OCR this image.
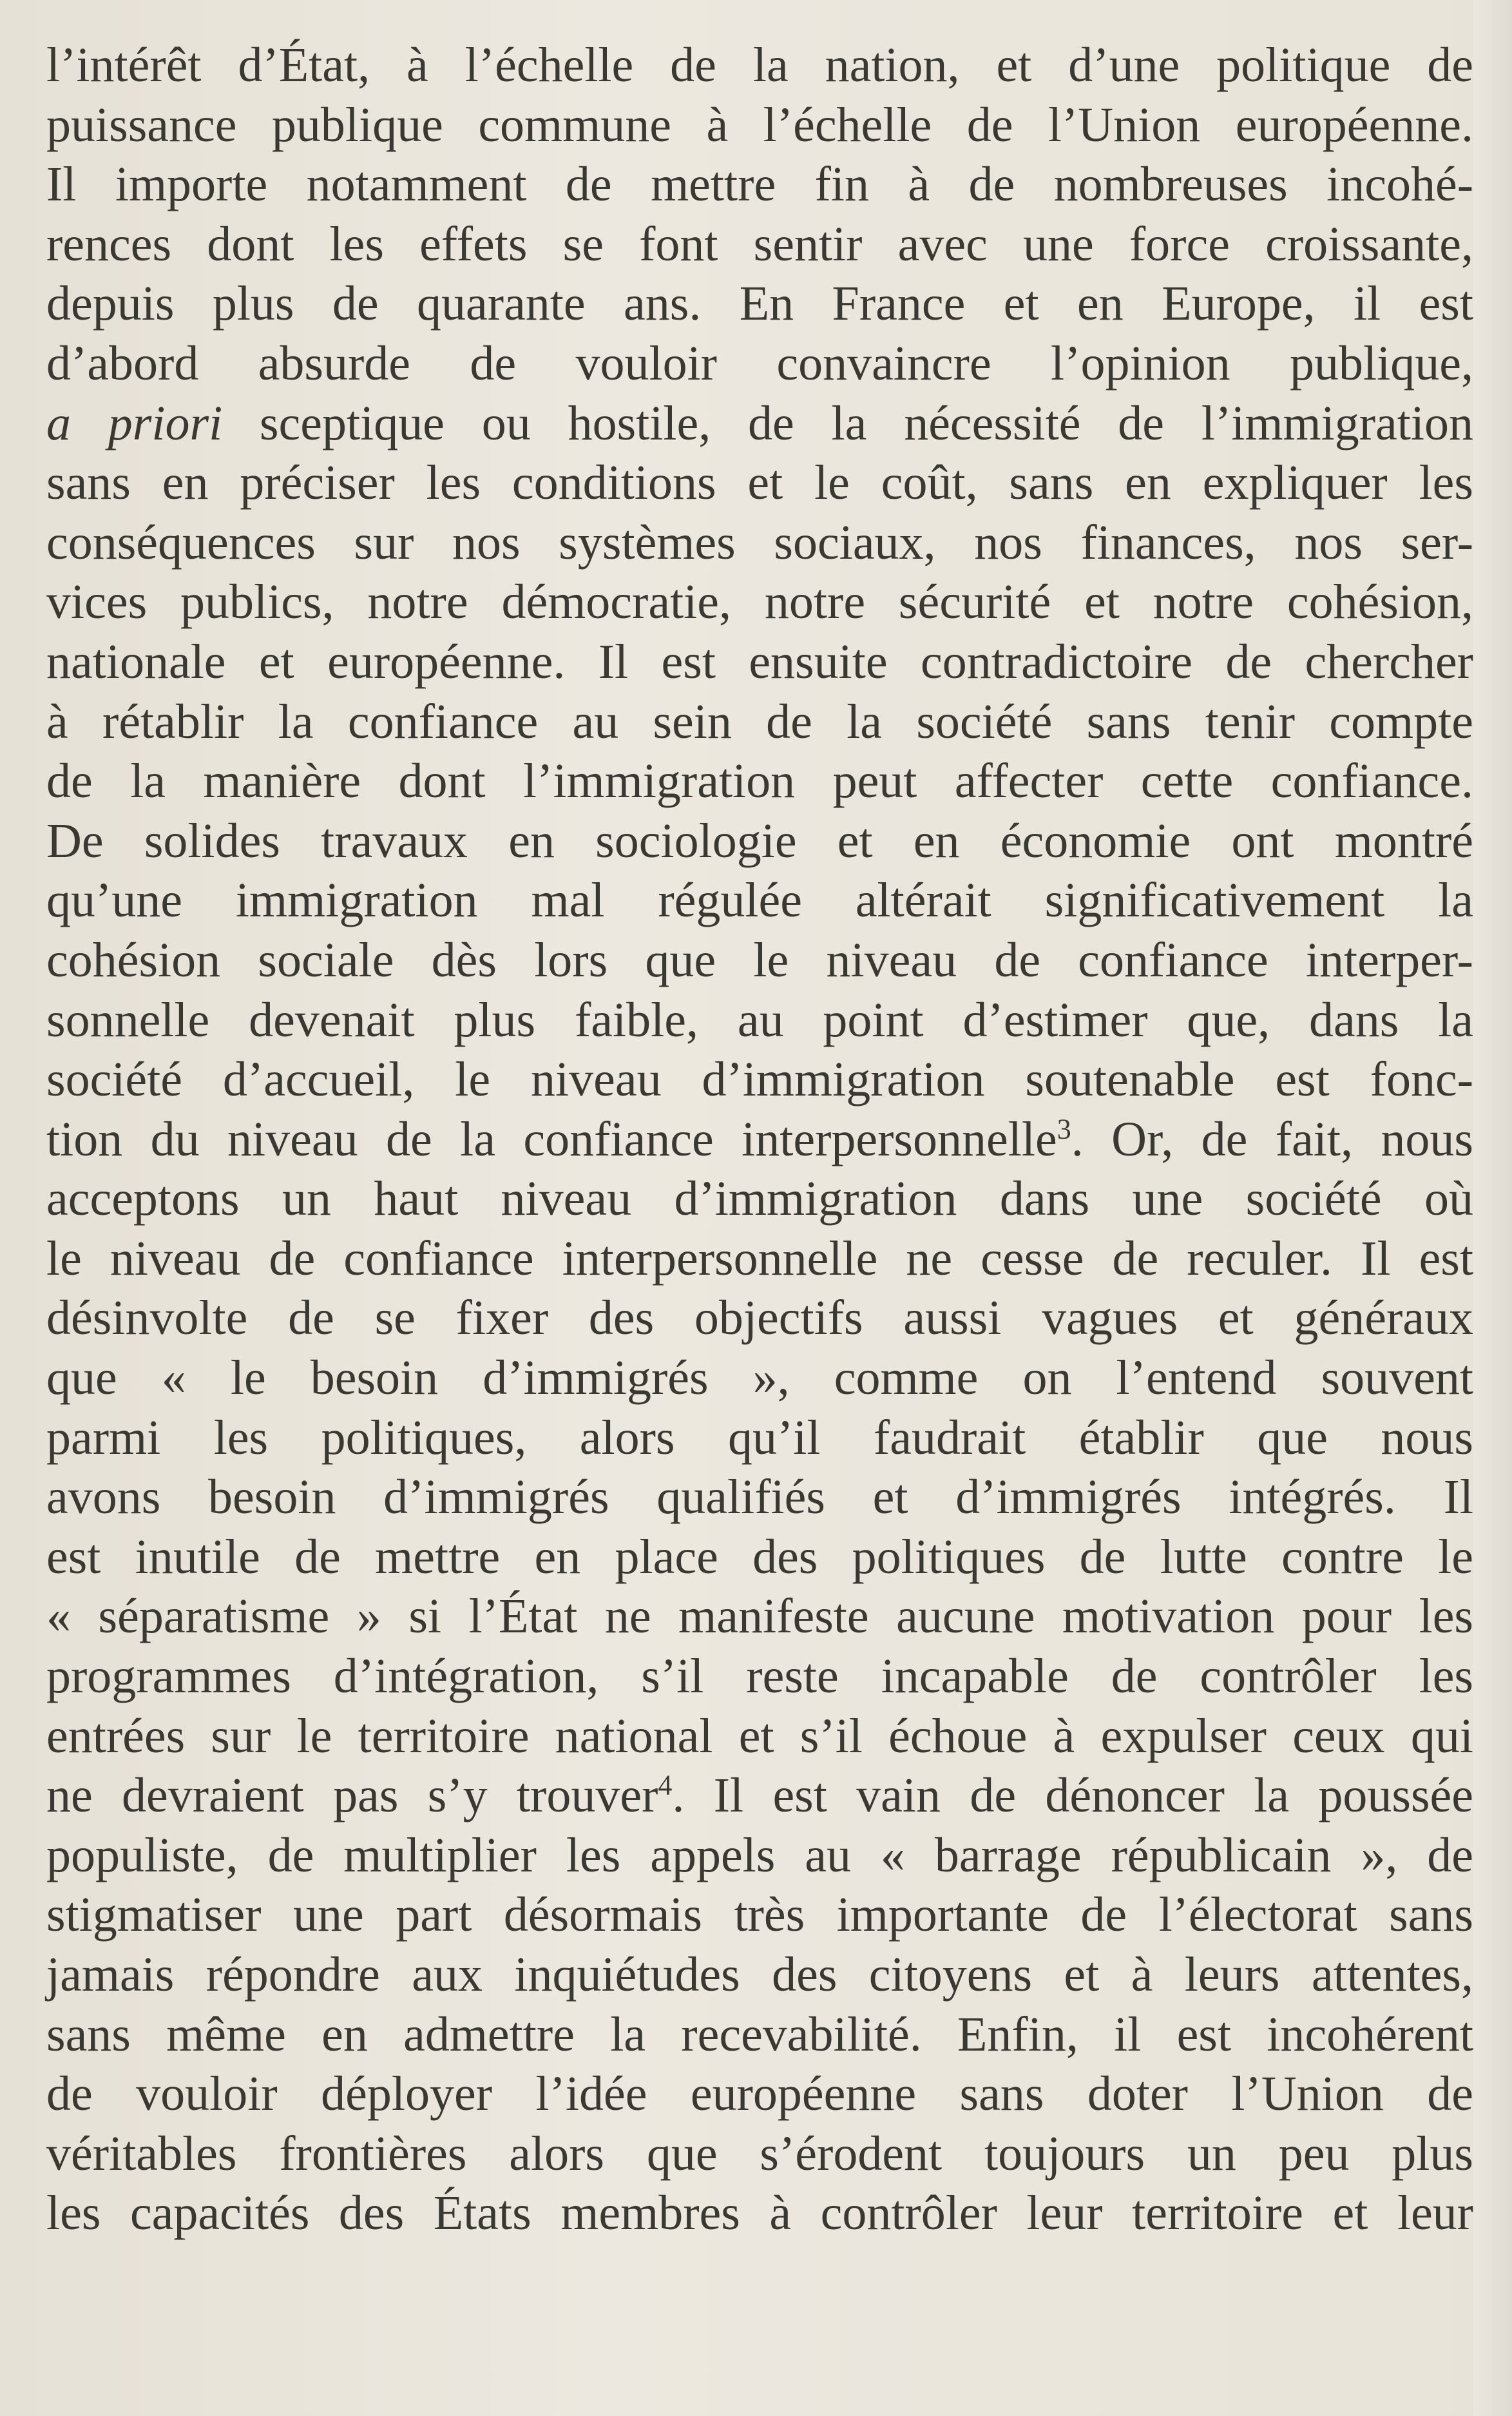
l’intérêt d’État, à l’échelle de la nation, et d’une politique de
puissance publique commune à l’échelle de l’Union européenne.
Il importe notamment de mettre fin à de nombreuses incohé-
rences dont les effets se font sentir avec une force croissante,
depuis plus de quarante ans. En France et en Europe, il est
d’abord absurde de vouloir convaincre l’opinion publique,
a priori sceptique ou hostile, de la nécessité de l’immigration
sans en préciser les conditions et le coût, sans en expliquer les
conséquences sur nos systèmes sociaux, nos finances, nos ser-
vices publics, notre démocratie, notre sécurité et notre cohésion,
nationale et européenne. Il est ensuite contradictoire de chercher
à rétablir la confiance au sein de la société sans tenir compte
de la manière dont l’immigration peut affecter cette confiance.
De solides travaux en sociologie et en économie ont montré
qu’une immigration mal régulée altérait significativement la
cohésion sociale dès lors que le niveau de confiance interper-
sonnelle devenait plus faible, au point d’estimer que, dans la
société d’accueil, le niveau d’immigration soutenable est fonc-
tion du niveau de la confiance interpersonnelle$^3$. Or, de fait, nous
acceptons un haut niveau d’immigration dans une société où
le niveau de confiance interpersonnelle ne cesse de reculer. Il est
désinvolte de se fixer des objectifs aussi vagues et généraux
que « le besoin d’immigrés », comme on l’entend souvent
parmi les politiques, alors qu’il faudrait établir que nous
avons besoin d’immigrés qualifiés et d’immigrés intégrés. Il
est inutile de mettre en place des politiques de lutte contre le
« séparatisme » si l’État ne manifeste aucune motivation pour les
programmes d’intégration, s’il reste incapable de contrôler les
entrées sur le territoire national et s’il échoue à expulser ceux qui
ne devraient pas s’y trouver$^4$. Il est vain de dénoncer la poussée
populiste, de multiplier les appels au « barrage républicain », de
stigmatiser une part désormais très importante de l’électorat sans
jamais répondre aux inquiétudes des citoyens et à leurs attentes,
sans même en admettre la recevabilité. Enfin, il est incohérent
de vouloir déployer l’idée européenne sans doter l’Union de
véritables frontières alors que s’érodent toujours un peu plus
les capacités des États membres à contrôler leur territoire et leur
